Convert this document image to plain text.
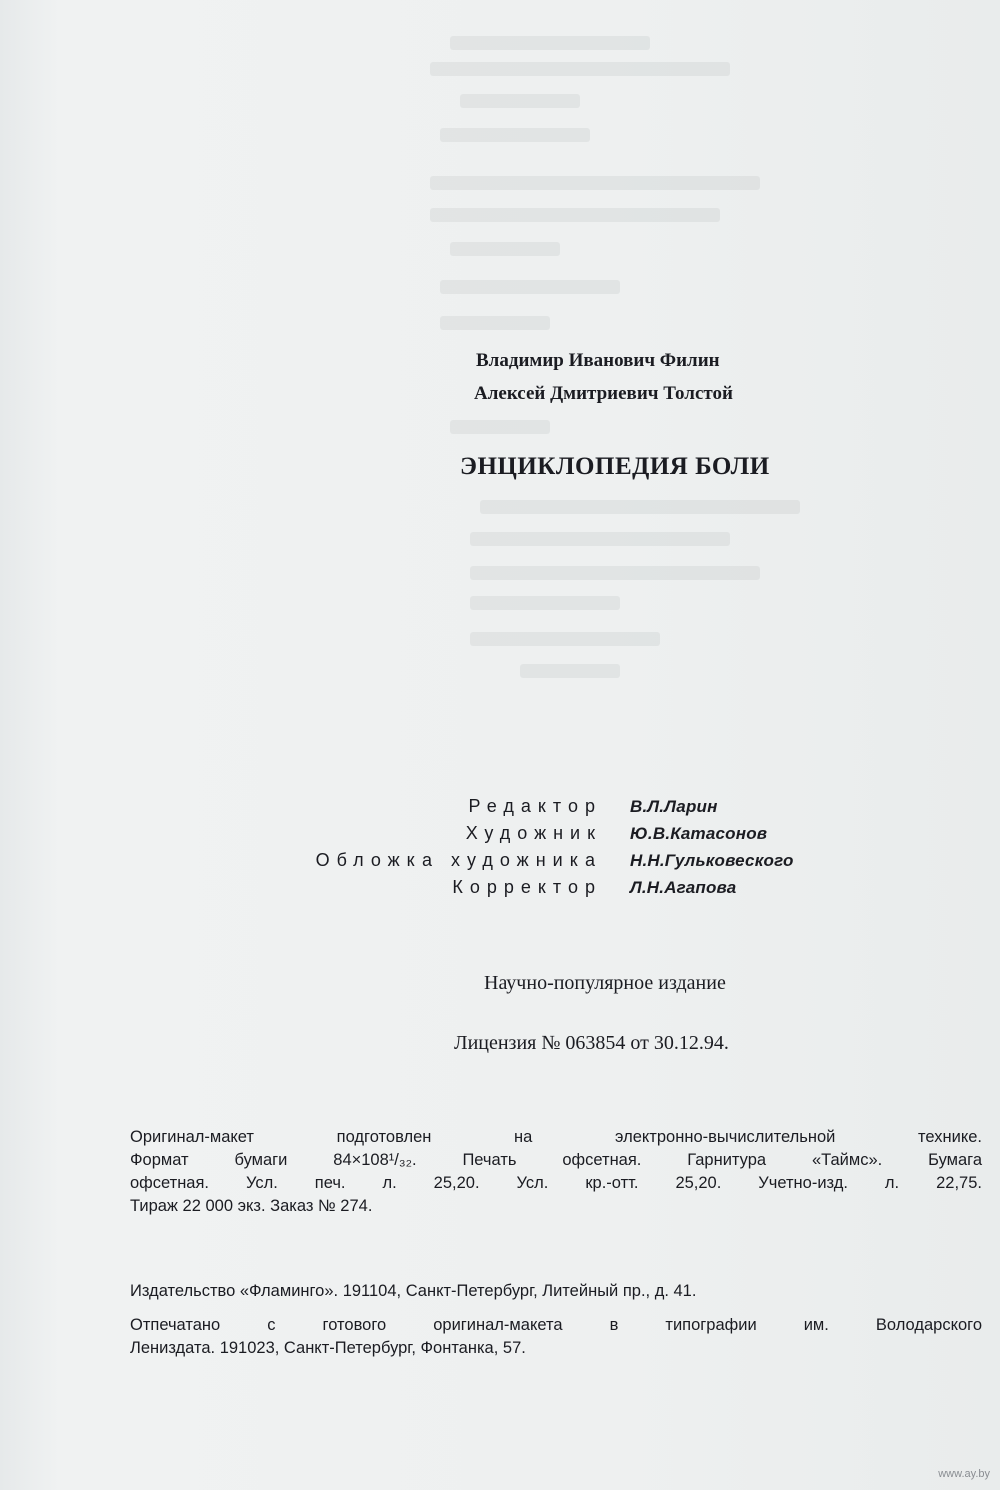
Владимир Иванович Филин
Алексей Дмитриевич Толстой
ЭНЦИКЛОПЕДИЯ БОЛИ
Редактор	В.Л.Ларин
Художник	Ю.В.Катасонов
Обложка художника	Н.Н.Гульковеского
Корректор	Л.Н.Агапова
Научно-популярное издание
Лицензия № 063854 от 30.12.94.
Оригинал-макет подготовлен на электронно-вычислительной технике.
Формат бумаги 84×108¹/₃₂. Печать офсетная. Гарнитура «Таймс». Бумага
офсетная. Усл. печ. л. 25,20. Усл. кр.-отт. 25,20. Учетно-изд. л. 22,75.
Тираж 22 000 экз. Заказ № 274.
Издательство «Фламинго». 191104, Санкт-Петербург, Литейный пр., д. 41.
Отпечатано с готового оригинал-макета в типографии им. Володарского
Лениздата. 191023, Санкт-Петербург, Фонтанка, 57.
www.ay.by
